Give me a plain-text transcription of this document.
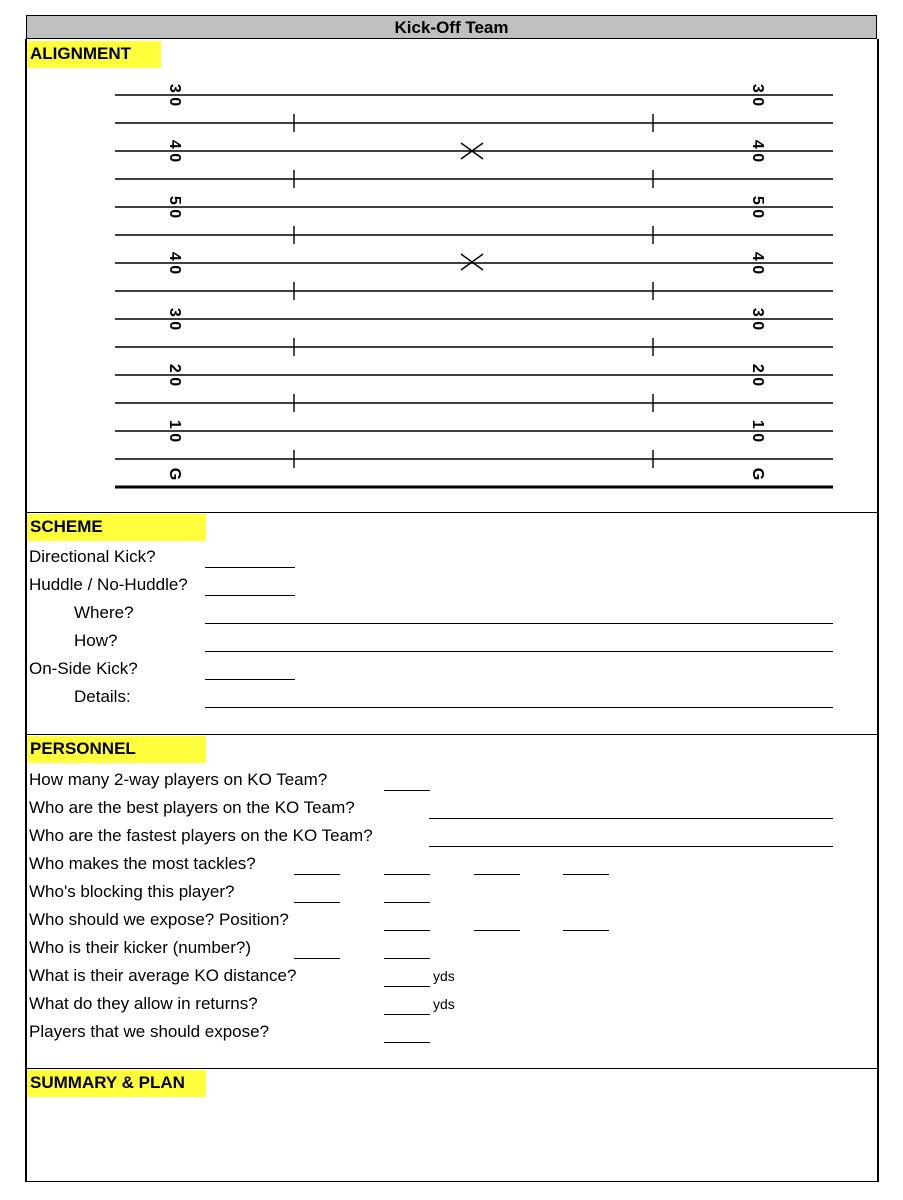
Kick-Off Team
ALIGNMENT
SCHEME
PERSONNEL
SUMMARY & PLAN
3 0	3 0
4 0	4 0
5 0	5 0
4 0	4 0
3 0	3 0
2 0	2 0
1 0	1 0
G	G
Directional Kick?
Huddle / No-Huddle?
Where?
How?
On-Side Kick?
Details:
How many 2-way players on KO Team?
Who are the best players on the KO Team?
Who are the fastest players on the KO Team?
Who makes the most tackles?
Who's blocking this player?
Who should we expose? Position?
Who is their kicker (number?)
What is their average KO distance?	yds
What do they allow in returns?	yds
Players that we should expose?
